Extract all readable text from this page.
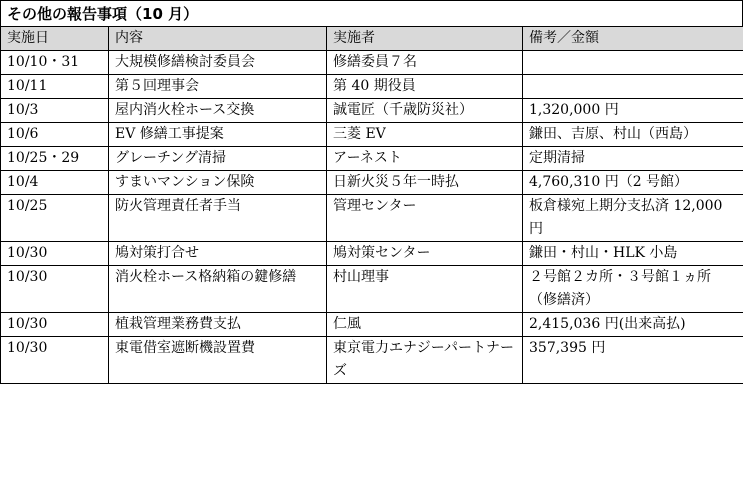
その他の報告事項（10 月）
実施日	内容	実施者	備考／金額
10/10・31	大規模修繕検討委員会	修繕委員７名	
10/11	第５回理事会	第 40 期役員	
10/3	屋内消火栓ホース交換	誠電匠（千歳防災社）	1,320,000 円
10/6	EV 修繕工事提案	三菱 EV	鎌田、吉原、村山（西島）
10/25・29	グレーチング清掃	アーネスト	定期清掃
10/4	すまいマンション保険	日新火災５年一時払	4,760,310 円（2 号館）
10/25	防火管理責任者手当	管理センター	板倉様宛上期分支払済 12,000 円
10/30	鳩対策打合せ	鳩対策センター	鎌田・村山・HLK 小島
10/30	消火栓ホース格納箱の鍵修繕	村山理事	２号館２カ所・３号館１ヵ所（修繕済）
10/30	植栽管理業務費支払	仁風	2,415,036 円(出来高払)
10/30	東電借室遮断機設置費	東京電力エナジーパートナーズ	357,395 円
